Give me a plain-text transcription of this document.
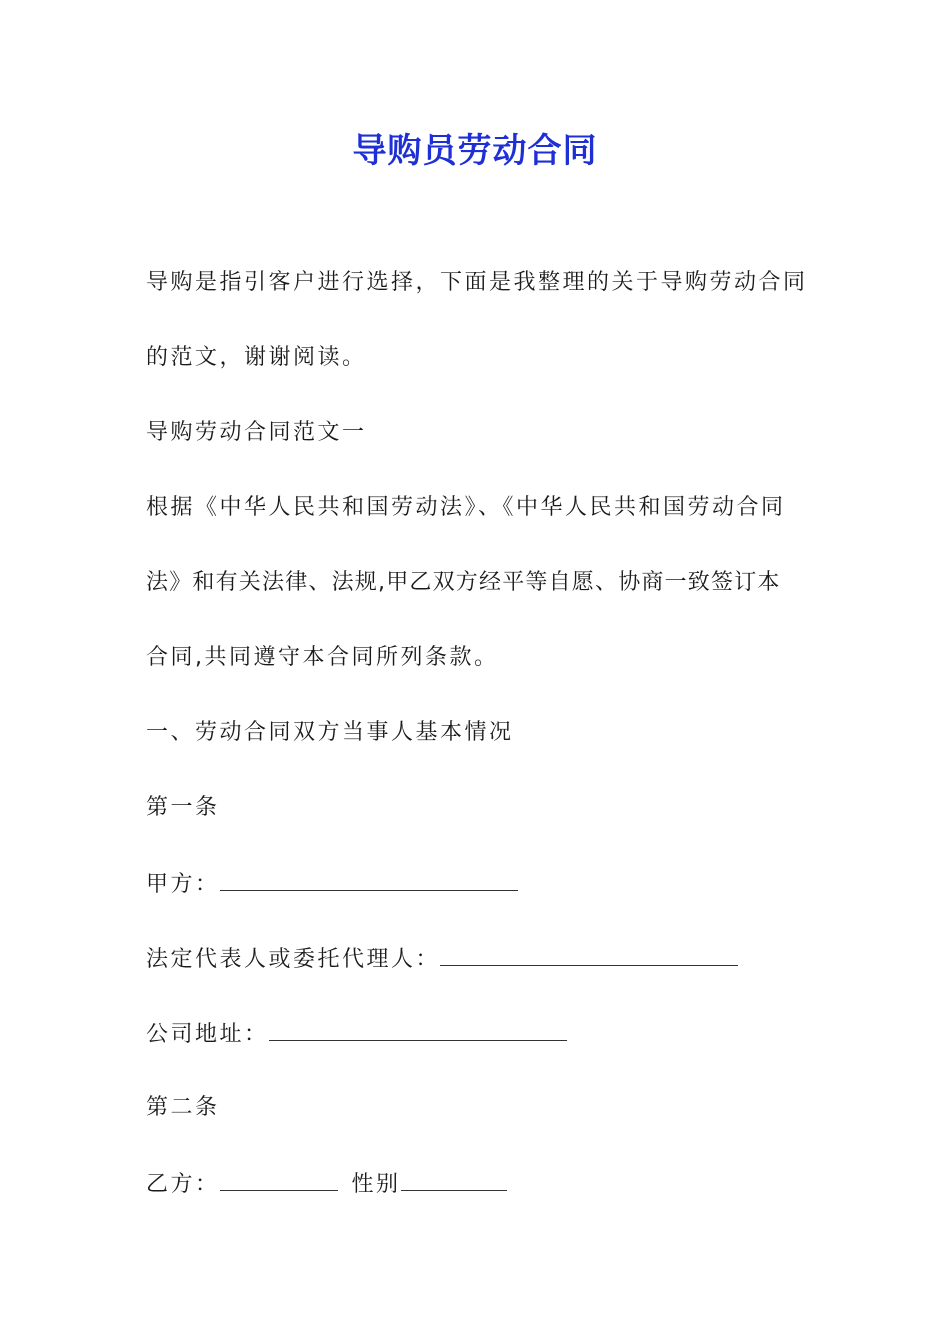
导购员劳动合同

导购是指引客户进行选择，下面是我整理的关于导购劳动合同

的范文，谢谢阅读。

导购劳动合同范文一

根据《中华人民共和国劳动法》、《中华人民共和国劳动合同

法》和有关法律、法规,甲乙双方经平等自愿、协商一致签订本

合同,共同遵守本合同所列条款。

一、劳动合同双方当事人基本情况

第一条

甲方：

法定代表人或委托代理人：

公司地址：

第二条

乙方：	性别
